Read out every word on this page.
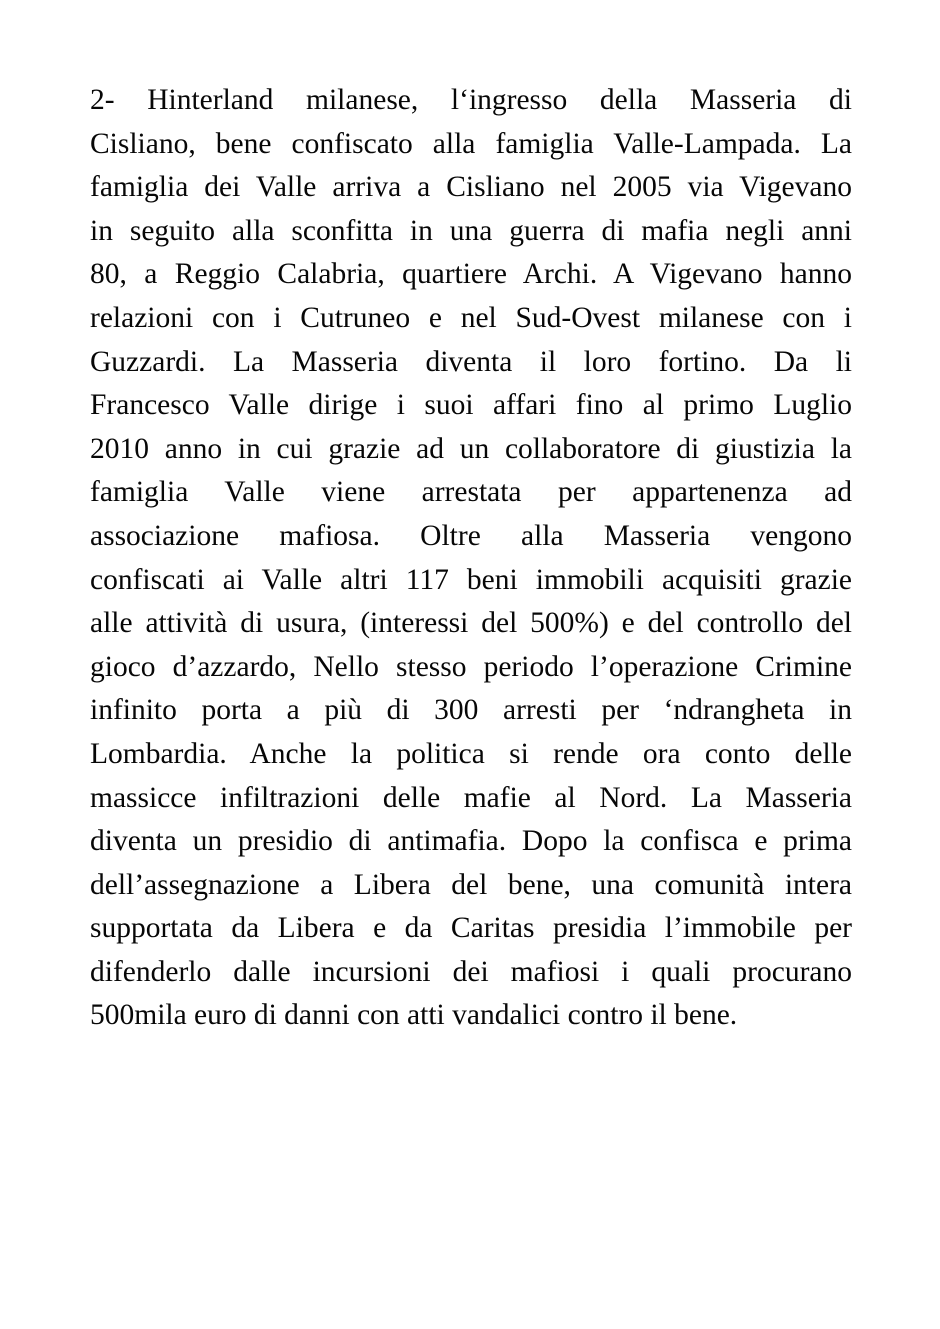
2- Hinterland milanese, l‘ingresso della Masseria di
Cisliano, bene confiscato alla famiglia Valle-Lampada. La
famiglia dei Valle arriva a Cisliano nel 2005 via Vigevano
in seguito alla sconfitta in una guerra di mafia negli anni
80, a Reggio Calabria, quartiere Archi. A Vigevano hanno
relazioni con i Cutruneo e nel Sud-Ovest milanese con i
Guzzardi. La Masseria diventa il loro fortino. Da li
Francesco Valle dirige i suoi affari fino al primo Luglio
2010 anno in cui grazie ad un collaboratore di giustizia la
famiglia Valle viene arrestata per appartenenza ad
associazione mafiosa. Oltre alla Masseria vengono
confiscati ai Valle altri 117 beni immobili acquisiti grazie
alle attività di usura, (interessi del 500%) e del controllo del
gioco d’azzardo, Nello stesso periodo l’operazione Crimine
infinito porta a più di 300 arresti per ‘ndrangheta in
Lombardia. Anche la politica si rende ora conto delle
massicce infiltrazioni delle mafie al Nord. La Masseria
diventa un presidio di antimafia. Dopo la confisca e prima
dell’assegnazione a Libera del bene, una comunità intera
supportata da Libera e da Caritas presidia l’immobile per
difenderlo dalle incursioni dei mafiosi i quali procurano
500mila euro di danni con atti vandalici contro il bene.
